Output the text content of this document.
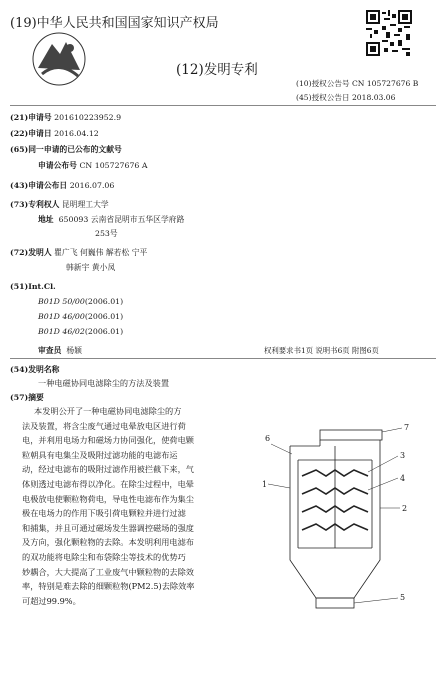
(19)中华人民共和国国家知识产权局
(12)发明专利
(10)授权公告号 CN 105727676 B
(45)授权公告日 2018.03.06
(21)申请号 201610223952.9
(22)申请日 2016.04.12
(65)同一申请的已公布的文献号
申请公布号 CN 105727676 A
(43)申请公布日 2016.07.06
(73)专利权人 昆明理工大学
地址 650093 云南省昆明市五华区学府路
253号
(72)发明人 瞿广飞 何巍伟 解若松 宁平
韩新宇 黄小凤
(51)Int.Cl.
B01D 50/00(2006.01)
B01D 46/00(2006.01)
B01D 46/02(2006.01)
审查员 杨颖	权利要求书1页 说明书6页 附图6页
(54)发明名称
一种电磁协同电滤除尘的方法及装置
(57)摘要
本发明公开了一种电磁协同电滤除尘的方
法及装置，将含尘废气通过电晕放电区进行荷
电，并利用电场力和磁场力协同强化，使荷电颗
粒朝具有电集尘及吸附过滤功能的电滤布运
动，经过电滤布的吸附过滤作用被拦截下来，气
体则透过电滤布得以净化。在除尘过程中，电晕
电极放电使颗粒物荷电，导电性电滤布作为集尘
极在电场力的作用下吸引荷电颗粒并进行过滤
和捕集，并且可通过磁场发生器调控磁场的强度
及方向，强化颗粒物的去除。本发明利用电滤布
的双功能将电除尘和布袋除尘等技术的优势巧
妙耦合，大大提高了工业废气中颗粒物的去除效
率，特别是难去除的细颗粒物(PM2.5)去除效率
可超过99.9%。
6
7
3
4
1
2
5
